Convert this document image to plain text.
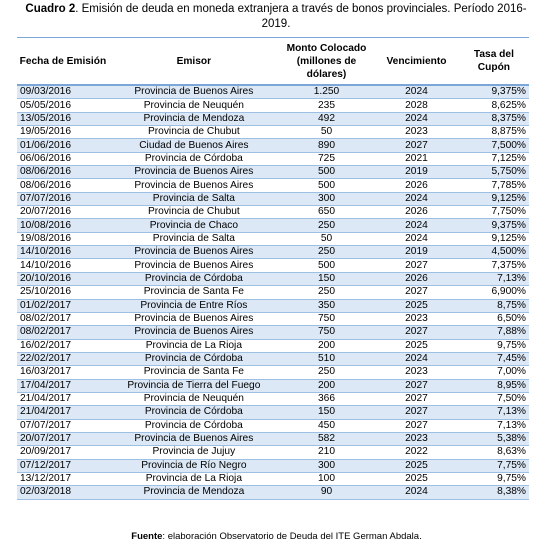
Cuadro 2. Emisión de deuda en moneda extranjera a través de bonos provinciales. Período 2016-2019.
Fecha de Emisión	Emisor	Monto Colocado (millones de dólares)	Vencimiento	Tasa del Cupón
09/03/2016	Provincia de Buenos Aires	1.250	2024	9,375%
05/05/2016	Provincia de Neuquén	235	2028	8,625%
13/05/2016	Provincia de Mendoza	492	2024	8,375%
19/05/2016	Provincia de Chubut	50	2023	8,875%
01/06/2016	Ciudad de Buenos Aires	890	2027	7,500%
06/06/2016	Provincia de Córdoba	725	2021	7,125%
08/06/2016	Provincia de Buenos Aires	500	2019	5,750%
08/06/2016	Provincia de Buenos Aires	500	2026	7,785%
07/07/2016	Provincia de Salta	300	2024	9,125%
20/07/2016	Provincia de Chubut	650	2026	7,750%
10/08/2016	Provincia de Chaco	250	2024	9,375%
19/08/2016	Provincia de Salta	50	2024	9,125%
14/10/2016	Provincia de Buenos Aires	250	2019	4,500%
14/10/2016	Provincia de Buenos Aires	500	2027	7,375%
20/10/2016	Provincia de Córdoba	150	2026	7,13%
25/10/2016	Provincia de Santa Fe	250	2027	6,900%
01/02/2017	Provincia de Entre Ríos	350	2025	8,75%
08/02/2017	Provincia de Buenos Aires	750	2023	6,50%
08/02/2017	Provincia de Buenos Aires	750	2027	7,88%
16/02/2017	Provincia de La Rioja	200	2025	9,75%
22/02/2017	Provincia de Córdoba	510	2024	7,45%
16/03/2017	Provincia de Santa Fe	250	2023	7,00%
17/04/2017	Provincia de Tierra del Fuego	200	2027	8,95%
21/04/2017	Provincia de Neuquén	366	2027	7,50%
21/04/2017	Provincia de Córdoba	150	2027	7,13%
07/07/2017	Provincia de Córdoba	450	2027	7,13%
20/07/2017	Provincia de Buenos Aires	582	2023	5,38%
20/09/2017	Provincia de Jujuy	210	2022	8,63%
07/12/2017	Provincia de Río Negro	300	2025	7,75%
13/12/2017	Provincia de La Rioja	100	2025	9,75%
02/03/2018	Provincia de Mendoza	90	2024	8,38%
Fuente: elaboración Observatorio de Deuda del ITE German Abdala.
